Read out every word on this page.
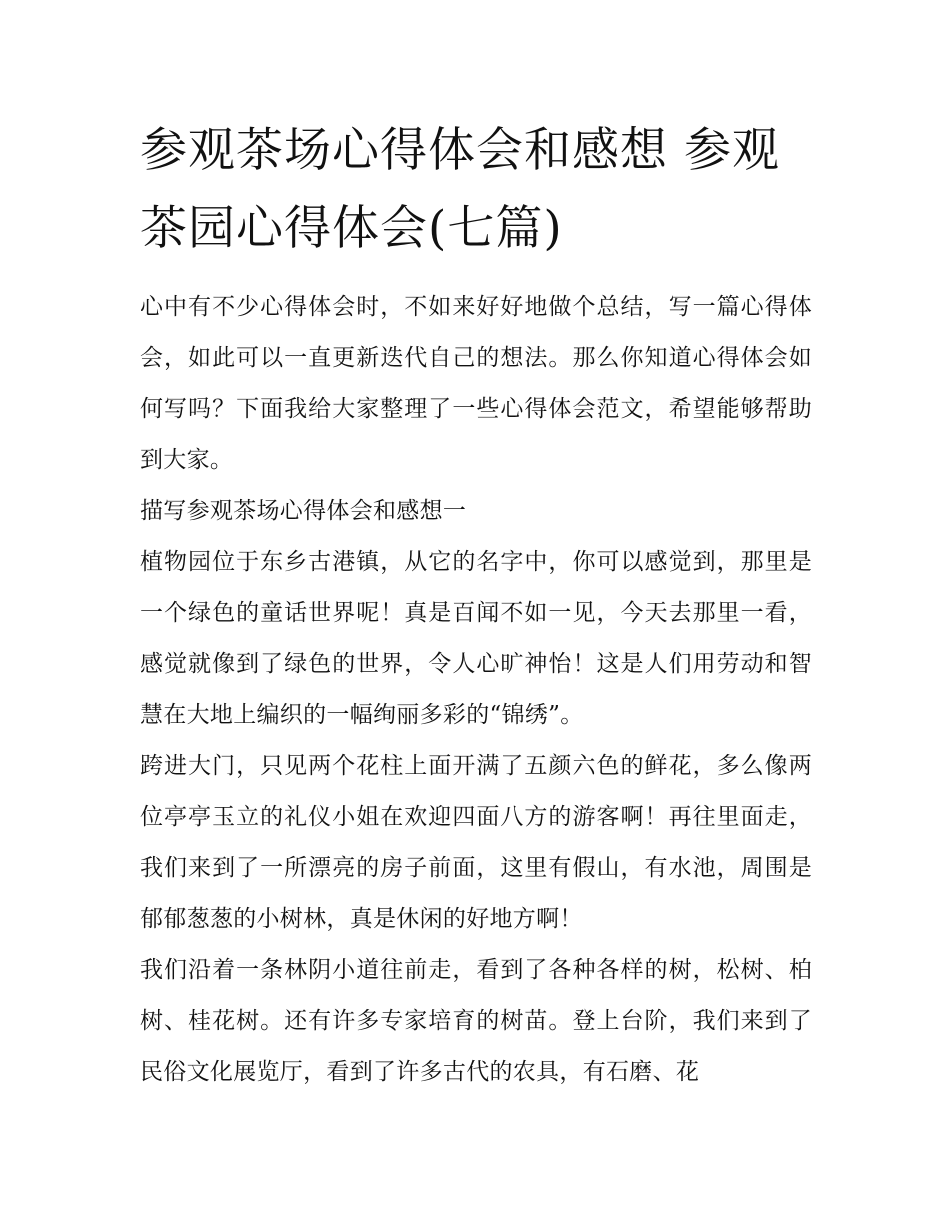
参观茶场心得体会和感想 参观茶园心得体会(七篇)

心中有不少心得体会时，不如来好好地做个总结，写一篇心得体会，如此可以一直更新迭代自己的想法。那么你知道心得体会如何写吗？下面我给大家整理了一些心得体会范文，希望能够帮助到大家。

描写参观茶场心得体会和感想一

植物园位于东乡古港镇，从它的名字中，你可以感觉到，那里是一个绿色的童话世界呢！真是百闻不如一见，今天去那里一看，感觉就像到了绿色的世界，令人心旷神怡！这是人们用劳动和智慧在大地上编织的一幅绚丽多彩的“锦绣”。

跨进大门，只见两个花柱上面开满了五颜六色的鲜花，多么像两位亭亭玉立的礼仪小姐在欢迎四面八方的游客啊！再往里面走，我们来到了一所漂亮的房子前面，这里有假山，有水池，周围是郁郁葱葱的小树林，真是休闲的好地方啊！

我们沿着一条林阴小道往前走，看到了各种各样的树，松树、柏树、桂花树。还有许多专家培育的树苗。登上台阶，我们来到了民俗文化展览厅，看到了许多古代的农具，有石磨、花
